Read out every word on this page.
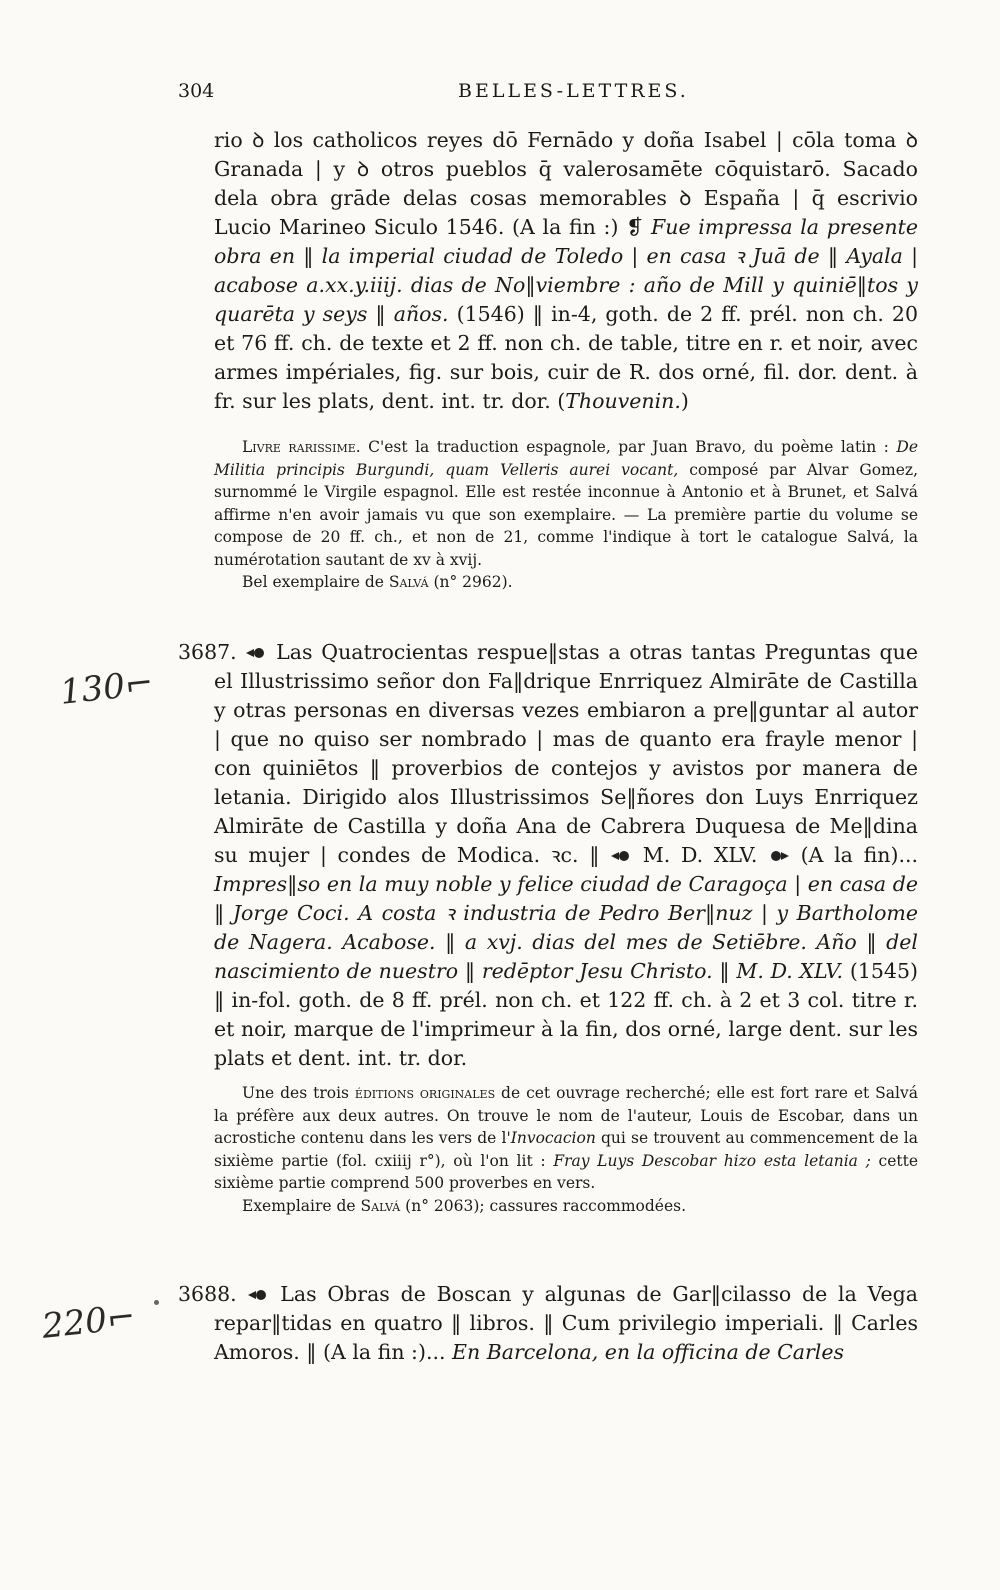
304	BELLES-LETTRES.

rio ꝺ los catholicos reyes dō Fernādo y doña Isabel | cōla toma ꝺ Granada | y ꝺ otros pueblos q̄ valerosamēte cōquistarō. Sacado dela obra grāde delas cosas memorables ꝺ España | q̄ escrivio Lucio Marineo Siculo 1546. (A la fin :) ❡ Fue impressa la presente obra en ‖ la imperial ciudad de Toledo | en casa ꝛ Juā de ‖ Ayala | acabose a.xx.y.iiij. dias de No‖viembre : año de Mill y quiniē‖tos y quarēta y seys ‖ años. (1546) ‖ in-4, goth. de 2 ff. prél. non ch. 20 et 76 ff. ch. de texte et 2 ff. non ch. de table, titre en r. et noir, avec armes impériales, fig. sur bois, cuir de R. dos orné, fil. dor. dent. à fr. sur les plats, dent. int. tr. dor. (Thouvenin.)

Livre rarissime. C'est la traduction espagnole, par Juan Bravo, du poème latin : De Militia principis Burgundi, quam Velleris aurei vocant, composé par Alvar Gomez, surnommé le Virgile espagnol. Elle est restée inconnue à Antonio et à Brunet, et Salvá affirme n'en avoir jamais vu que son exemplaire. — La première partie du volume se compose de 20 ff. ch., et non de 21, comme l'indique à tort le catalogue Salvá, la numérotation sautant de xv à xvij.

Bel exemplaire de Salvá (n° 2962).

130⌐

3687.  Las Quatrocientas respue‖stas a otras tantas Preguntas que el Illustrissimo señor don Fa‖drique Enrriquez Almirāte de Castilla y otras personas en diversas vezes embiaron a pre‖guntar al autor | que no quiso ser nombrado | mas de quanto era frayle menor | con quiniētos ‖ proverbios de contejos y avistos por manera de letania. Dirigido alos Illustrissimos Se‖ñores don Luys Enrriquez Almirāte de Castilla y doña Ana de Cabrera Duquesa de Me‖dina su mujer | condes de Modica. ꝛc. ‖  M. D. XLV.  (A la fin)... Impres‖so en la muy noble y felice ciudad de Caragoça | en casa de ‖ Jorge Coci. A costa ꝛ industria de Pedro Ber‖nuz | y Bartholome de Nagera. Acabose. ‖ a xvj. dias del mes de Setiēbre. Año ‖ del nascimiento de nuestro ‖ redēptor Jesu Christo. ‖ M. D. XLV. (1545) ‖ in-fol. goth. de 8 ff. prél. non ch. et 122 ff. ch. à 2 et 3 col. titre r. et noir, marque de l'imprimeur à la fin, dos orné, large dent. sur les plats et dent. int. tr. dor.

Une des trois éditions originales de cet ouvrage recherché; elle est fort rare et Salvá la préfère aux deux autres. On trouve le nom de l'auteur, Louis de Escobar, dans un acrostiche contenu dans les vers de l'Invocacion qui se trouvent au commencement de la sixième partie (fol. cxiiij r°), où l'on lit : Fray Luys Descobar hizo esta letania ; cette sixième partie comprend 500 proverbes en vers.

Exemplaire de Salvá (n° 2063); cassures raccommodées.

220⌐

3688.  Las Obras de Boscan y algunas de Gar‖cilasso de la Vega repar‖tidas en quatro ‖ libros. ‖ Cum privilegio imperiali. ‖ Carles Amoros. ‖ (A la fin :)... En Barcelona, en la officina de Carles
